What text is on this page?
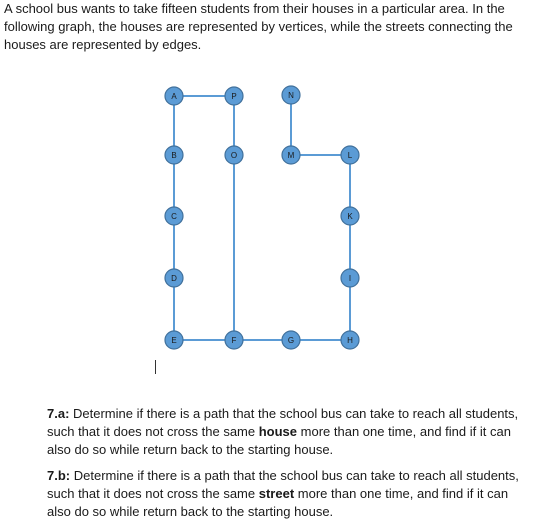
A school bus wants to take fifteen students from their houses in a particular area. In the following graph, the houses are represented by vertices, while the streets connecting the houses are represented by edges.

A	P	N
B	O	M	L
C	K
D	I
E	F	G	H

7.a: Determine if there is a path that the school bus can take to reach all students, such that it does not cross the same house more than one time, and find if it can also do so while return back to the starting house.

7.b: Determine if there is a path that the school bus can take to reach all students, such that it does not cross the same street more than one time, and find if it can also do so while return back to the starting house.
